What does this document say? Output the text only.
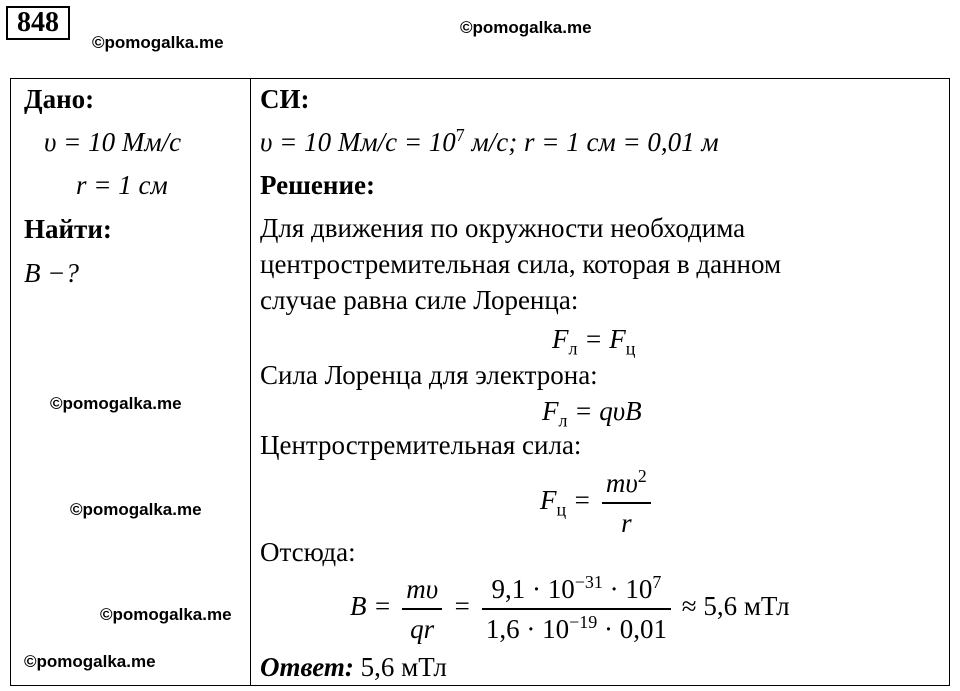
848
©pomogalka.me
©pomogalka.me
Дано:
υ = 10 Мм/с
r = 1 см
Найти:
B −?
©pomogalka.me
©pomogalka.me
©pomogalka.me
©pomogalka.me
СИ:
υ = 10 $Мм/с = 10^7$ м/с; r = 1 см = 0,01 м
Решение:
Для движения по окружности необходима
центростремительная сила, которая в данном
случае равна силе Лоренца:
$F_л = F_ц$
Сила Лоренца для электрона:
$F_л = q\upsilon B$
Центростремительная сила:
$F_ц = \frac{m\upsilon^2}{r}$
Отсюда:
$B = \frac{m\upsilon}{qr} = \frac{9,1 \cdot 10^{-31} \cdot 10^7}{1,6 \cdot 10^{-19} \cdot 0,01} \approx 5,6$ мТл
Ответ: 5,6 мТл
